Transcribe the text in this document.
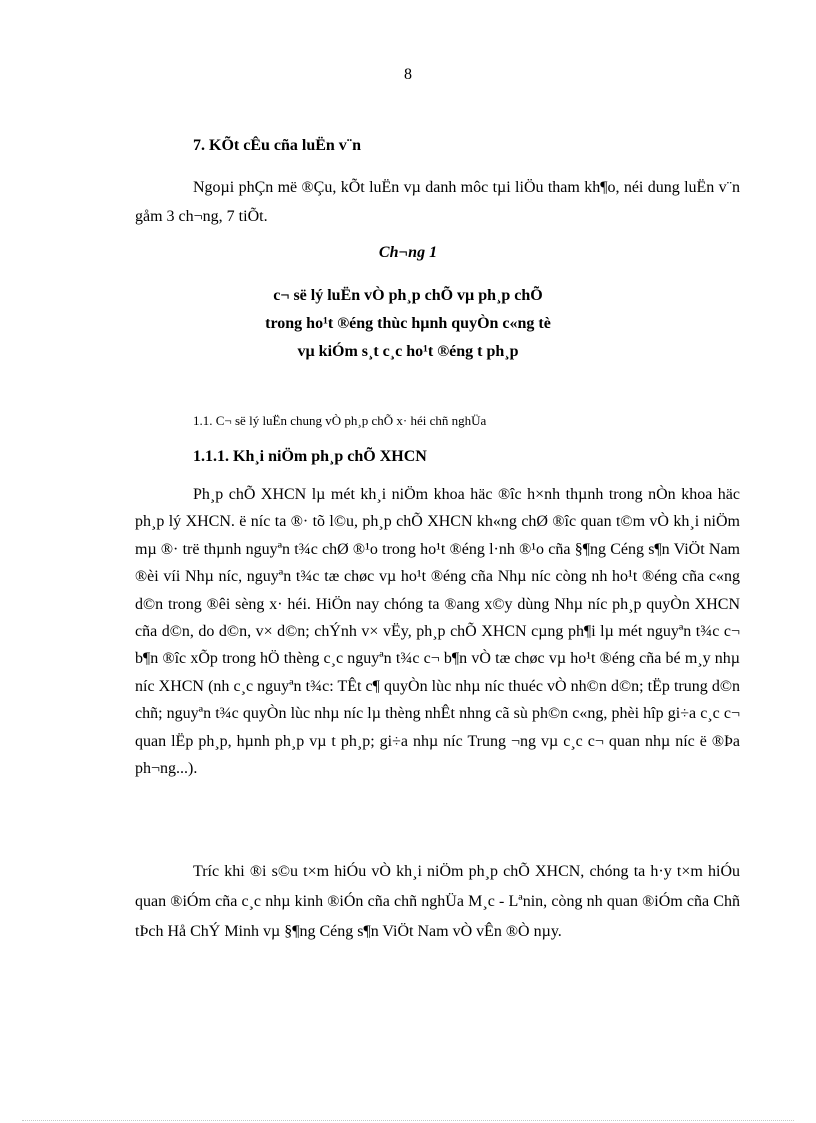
8
7. KÕt cÊu cña luËn v¨n

Ngoµi phÇn më ®Çu, kÕt luËn vµ danh môc tµi liÖu tham kh¶o, néi dung luËn v¨n gåm 3 ch¬ng, 7 tiÕt.

Ch¬ng 1
c¬ së lý luËn vÒ ph¸p chÕ vµ ph¸p chÕ
trong ho¹t ®éng thùc hµnh quyÒn c«ng tè
vµ kiÓm s¸t c¸c ho¹t ®éng t ph¸p
1.1. C¬ së lý luËn chung vÒ ph¸p chÕ x· héi chñ nghÜa
1.1.1. Kh¸i niÖm ph¸p chÕ XHCN

Ph¸p chÕ XHCN lµ mét kh¸i niÖm khoa häc ®îc h×nh thµnh trong nÒn khoa häc ph¸p lý XHCN. ë níc ta ®· tõ l©u, ph¸p chÕ XHCN kh«ng chØ ®îc quan t©m vÒ kh¸i niÖm mµ ®· trë thµnh nguyªn t¾c chØ ®¹o trong ho¹t ®éng l·nh ®¹o cña §¶ng Céng s¶n ViÖt Nam ®èi víi Nhµ níc, nguyªn t¾c tæ chøc vµ ho¹t ®éng cña Nhµ níc còng nh ho¹t ®éng cña c«ng d©n trong ®êi sèng x· héi. HiÖn nay chóng ta ®ang x©y dùng Nhµ níc ph¸p quyÒn XHCN cña d©n, do d©n, v× d©n; chÝnh v× vËy, ph¸p chÕ XHCN cµng ph¶i lµ mét nguyªn t¾c c¬ b¶n ®îc xÕp trong hÖ thèng c¸c nguyªn t¾c c¬ b¶n vÒ tæ chøc vµ ho¹t ®éng cña bé m¸y nhµ níc XHCN (nh c¸c nguyªn t¾c: TÊt c¶ quyÒn lùc nhµ níc thuéc vÒ nh©n d©n; tËp trung d©n chñ; nguyªn t¾c quyÒn lùc nhµ níc lµ thèng nhÊt nhng cã sù ph©n c«ng, phèi hîp gi÷a c¸c c¬ quan lËp ph¸p, hµnh ph¸p vµ t ph¸p; gi÷a nhµ níc Trung ¬ng vµ c¸c c¬ quan nhµ níc ë ®Þa ph¬ng...).

Tríc khi ®i s©u t×m hiÓu vÒ kh¸i niÖm ph¸p chÕ XHCN, chóng ta h·y t×m hiÓu quan ®iÓm cña c¸c nhµ kinh ®iÓn cña chñ nghÜa M¸c - Lªnin, còng nh quan ®iÓm cña Chñ tÞch Hå ChÝ Minh vµ §¶ng Céng s¶n ViÖt Nam vÒ vÊn ®Ò nµy.
